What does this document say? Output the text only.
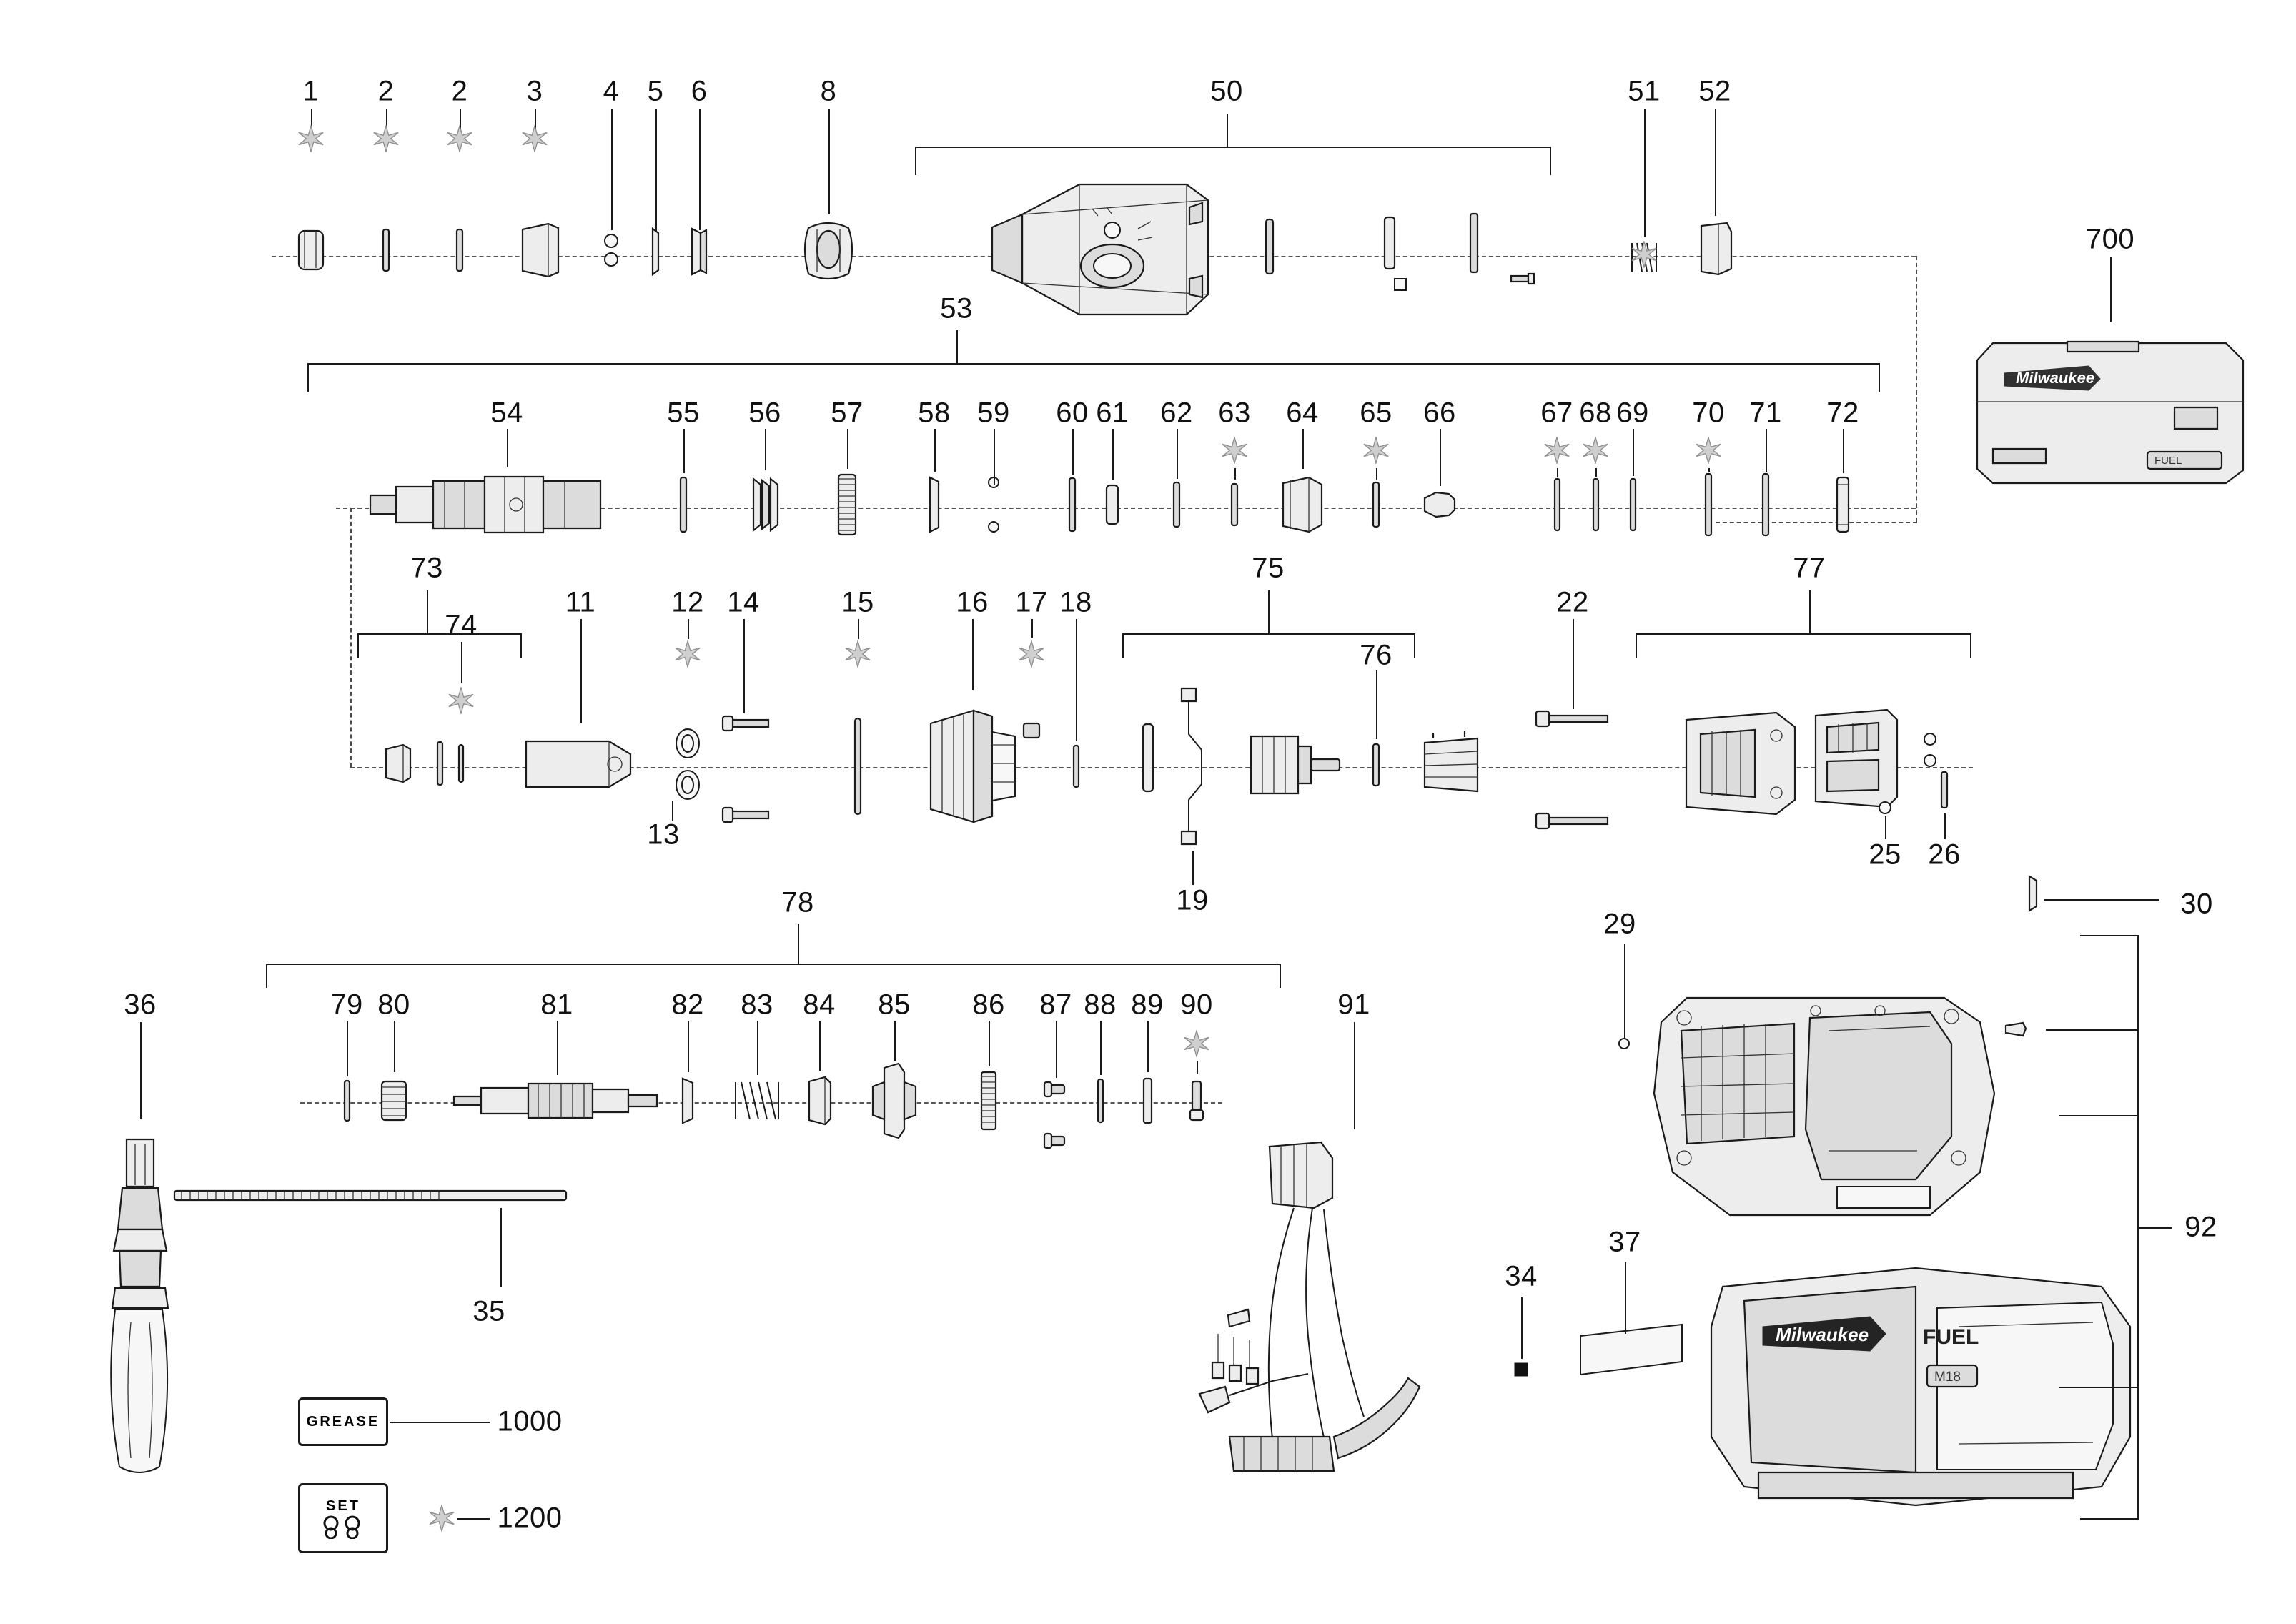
Milwaukee
FUEL
Milwaukee	FUEL
M18
GREASE
SET
1 2 2 3 4 5 6	8	50	51 52
700
53
54	55 56 57 58 59 60 61 62 63 64 65 66	67 68 69 70 71 72
73
74
11	12 14	15	16 17 18
13
75
76
19
22
77
25 26
30
29
78
36	79 80	81	82 83 84 85 86 87 88 89 90	91
92
34
37
35
1000
1200
